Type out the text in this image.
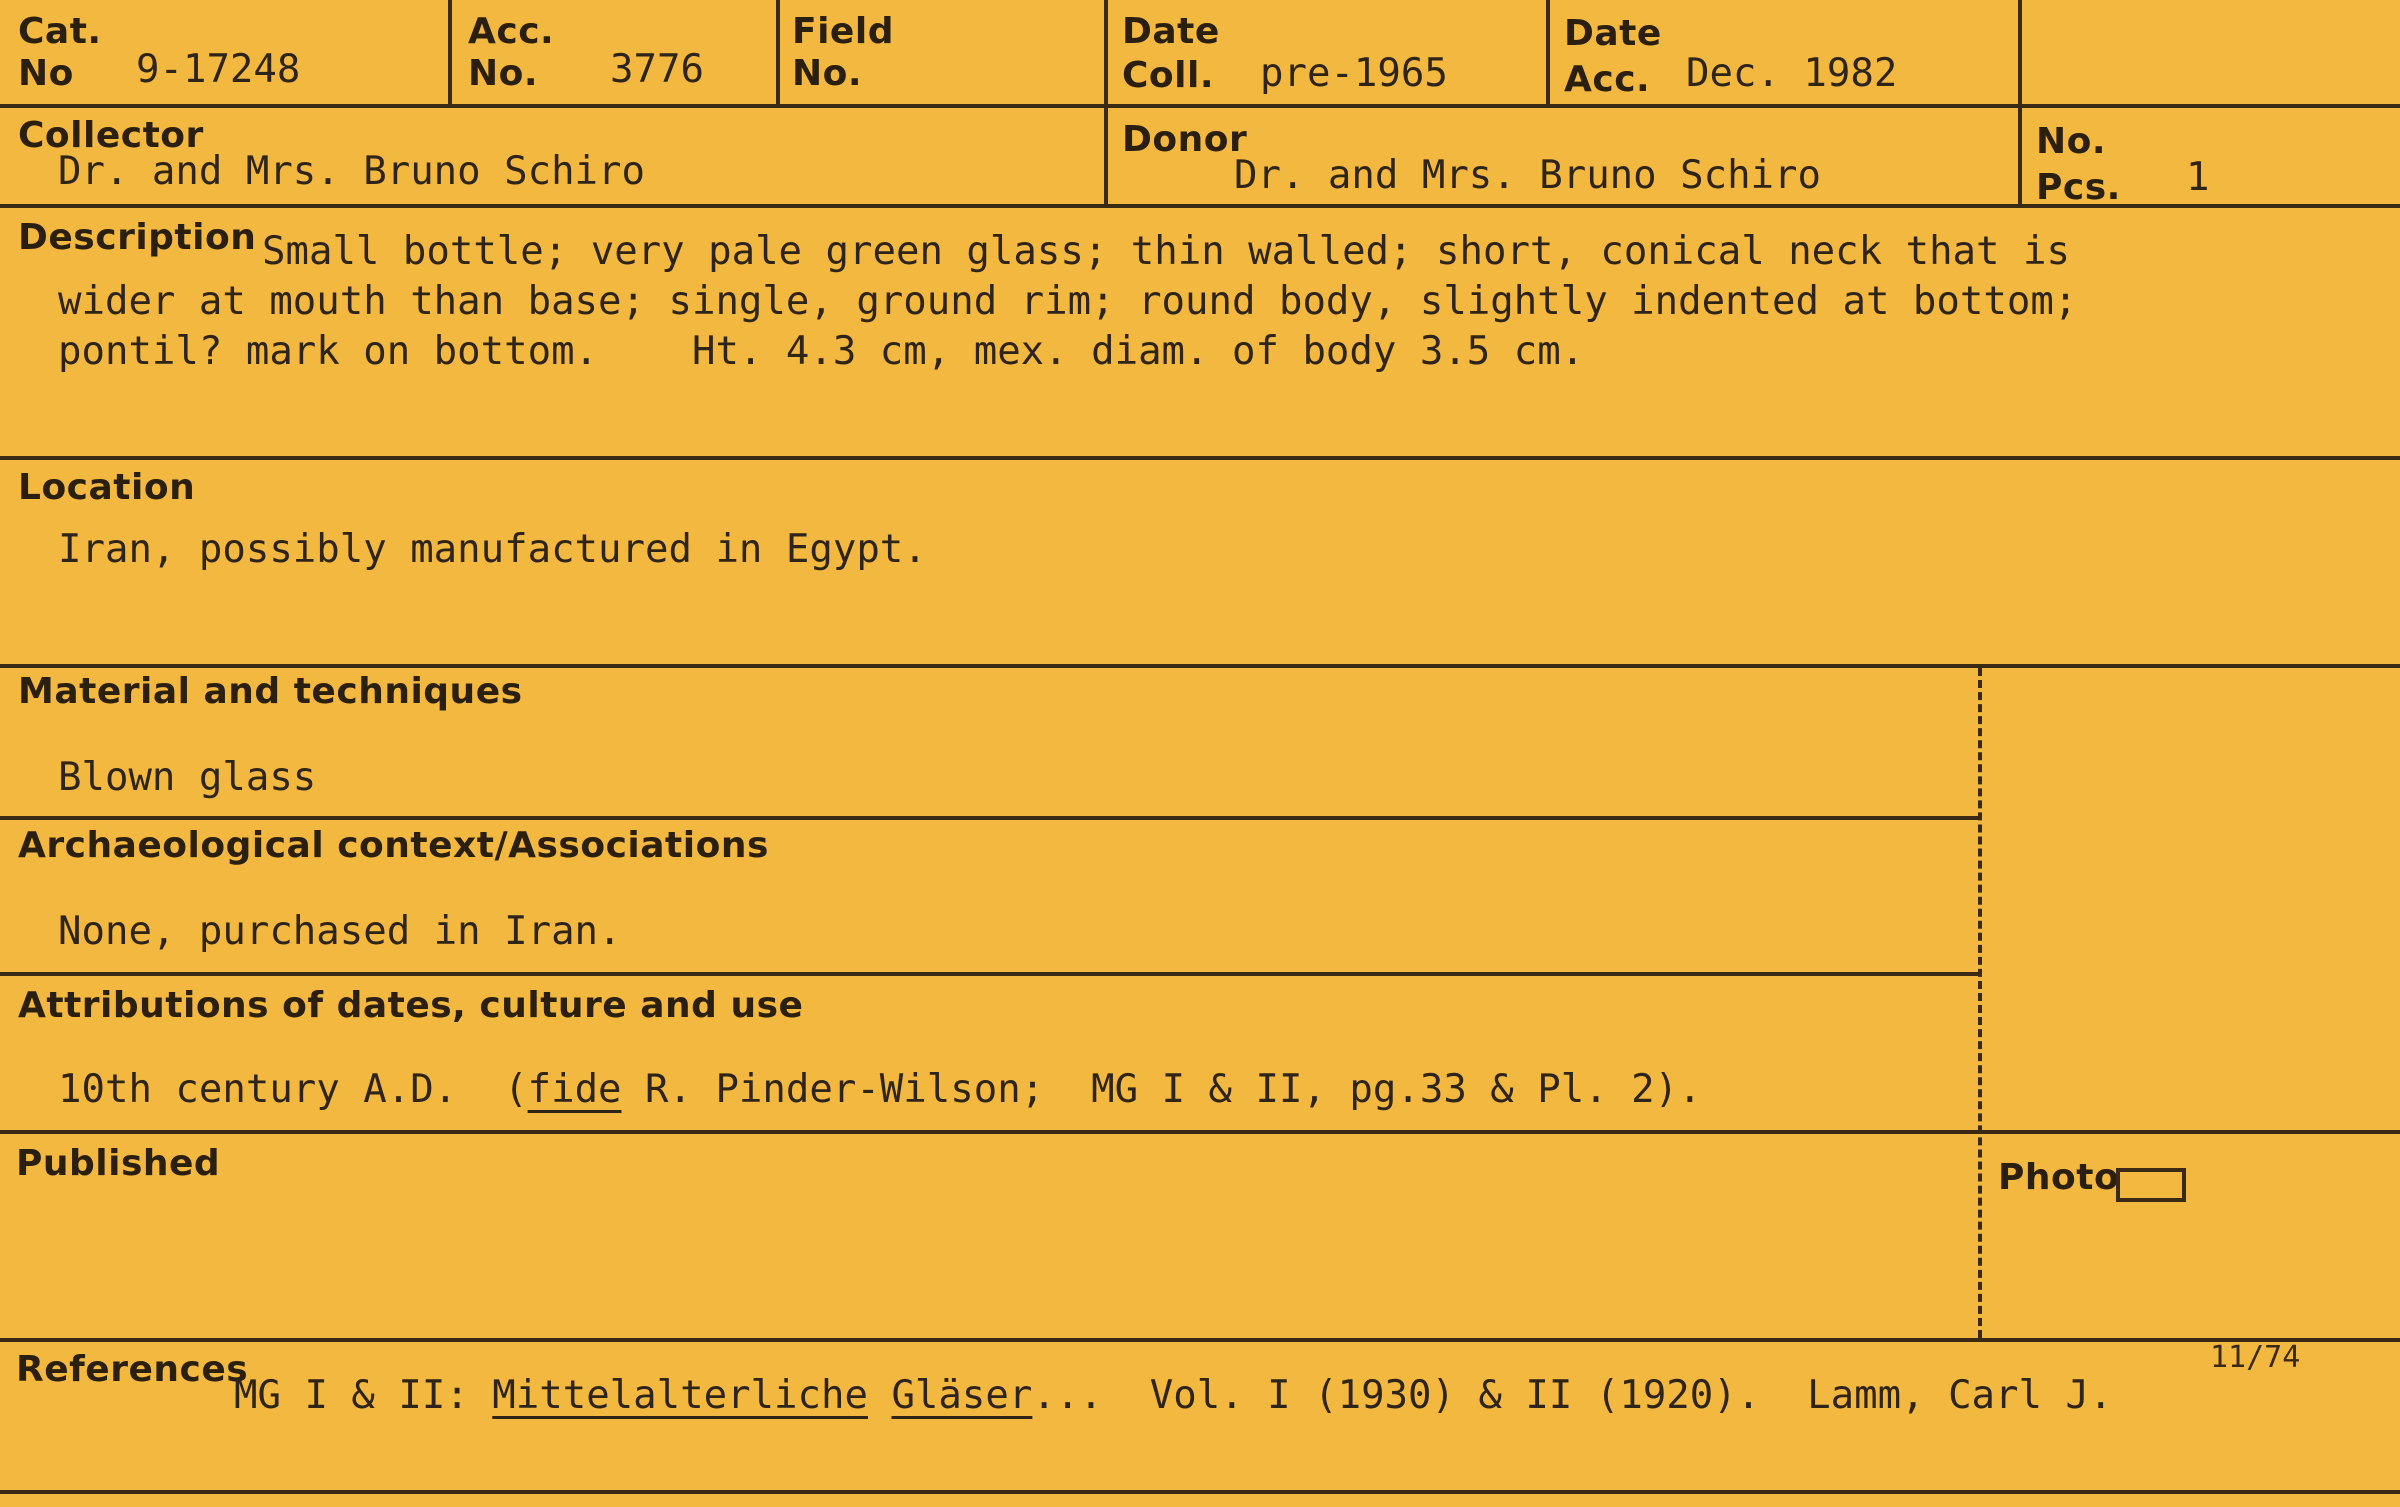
Cat.
No 9-17248
Acc.
No. 3776
Field
No.
Date
Coll. pre-1965
Date
Acc. Dec. 1982
Collector
Dr. and Mrs. Bruno Schiro
Donor
Dr. and Mrs. Bruno Schiro
No.
Pcs. 1
Description Small bottle; very pale green glass; thin walled; short, conical neck that is
wider at mouth than base; single, ground rim; round body, slightly indented at bottom;
pontil? mark on bottom.    Ht. 4.3 cm, mex. diam. of body 3.5 cm.
Location
Iran, possibly manufactured in Egypt.
Material and techniques
Blown glass
Archaeological context/Associations
None, purchased in Iran.
Attributions of dates, culture and use
10th century A.D.  (fide R. Pinder-Wilson;  MG I & II, pg.33 & Pl. 2).
Published	Photo
References
MG I & II: Mittelalterliche Gläser...  Vol. I (1930) & II (1920).  Lamm, Carl J.
11/74
